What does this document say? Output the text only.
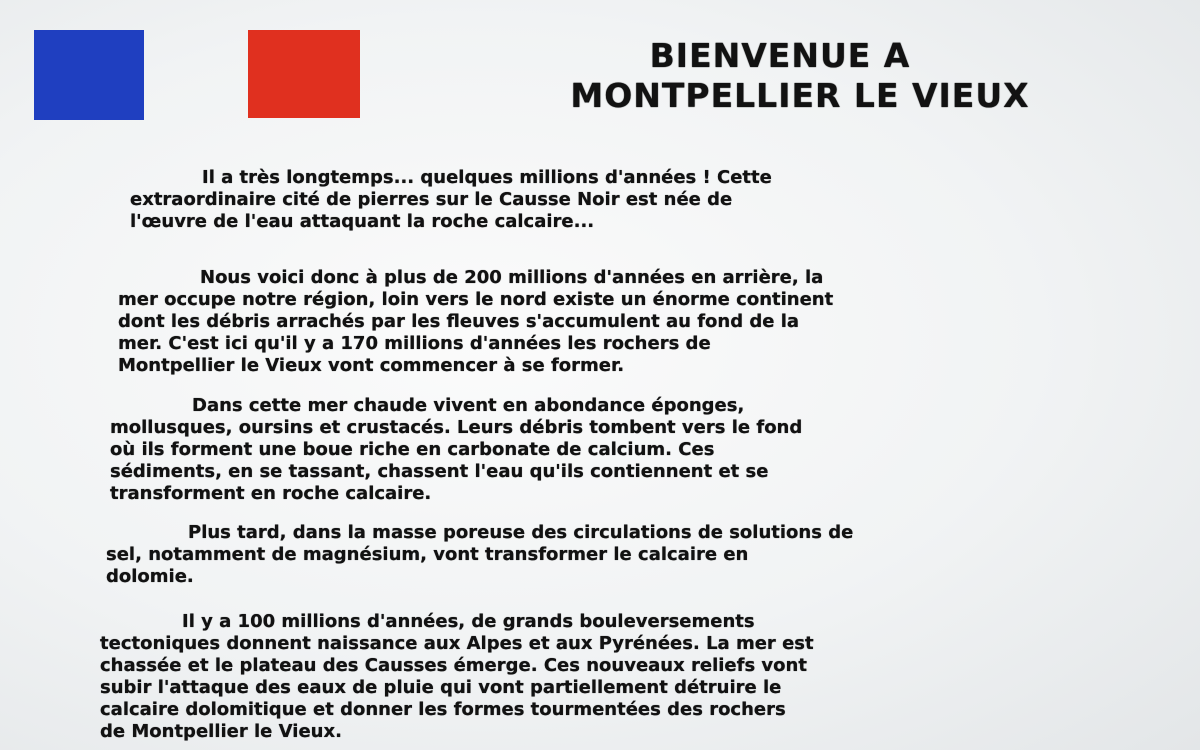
BIENVENUE A
MONTPELLIER LE VIEUX

Il a très longtemps... quelques millions d'années ! Cette
extraordinaire cité de pierres sur le Causse Noir est née de
l'œuvre de l'eau attaquant la roche calcaire...

Nous voici donc à plus de 200 millions d'années en arrière, la
mer occupe notre région, loin vers le nord existe un énorme continent
dont les débris arrachés par les fleuves s'accumulent au fond de la
mer. C'est ici qu'il y a 170 millions d'années les rochers de
Montpellier le Vieux vont commencer à se former.

Dans cette mer chaude vivent en abondance éponges,
mollusques, oursins et crustacés. Leurs débris tombent vers le fond
où ils forment une boue riche en carbonate de calcium. Ces
sédiments, en se tassant, chassent l'eau qu'ils contiennent et se
transforment en roche calcaire.

Plus tard, dans la masse poreuse des circulations de solutions de
sel, notamment de magnésium, vont transformer le calcaire en
dolomie.

Il y a 100 millions d'années, de grands bouleversements
tectoniques donnent naissance aux Alpes et aux Pyrénées. La mer est
chassée et le plateau des Causses émerge. Ces nouveaux reliefs vont
subir l'attaque des eaux de pluie qui vont partiellement détruire le
calcaire dolomitique et donner les formes tourmentées des rochers
de Montpellier le Vieux.
